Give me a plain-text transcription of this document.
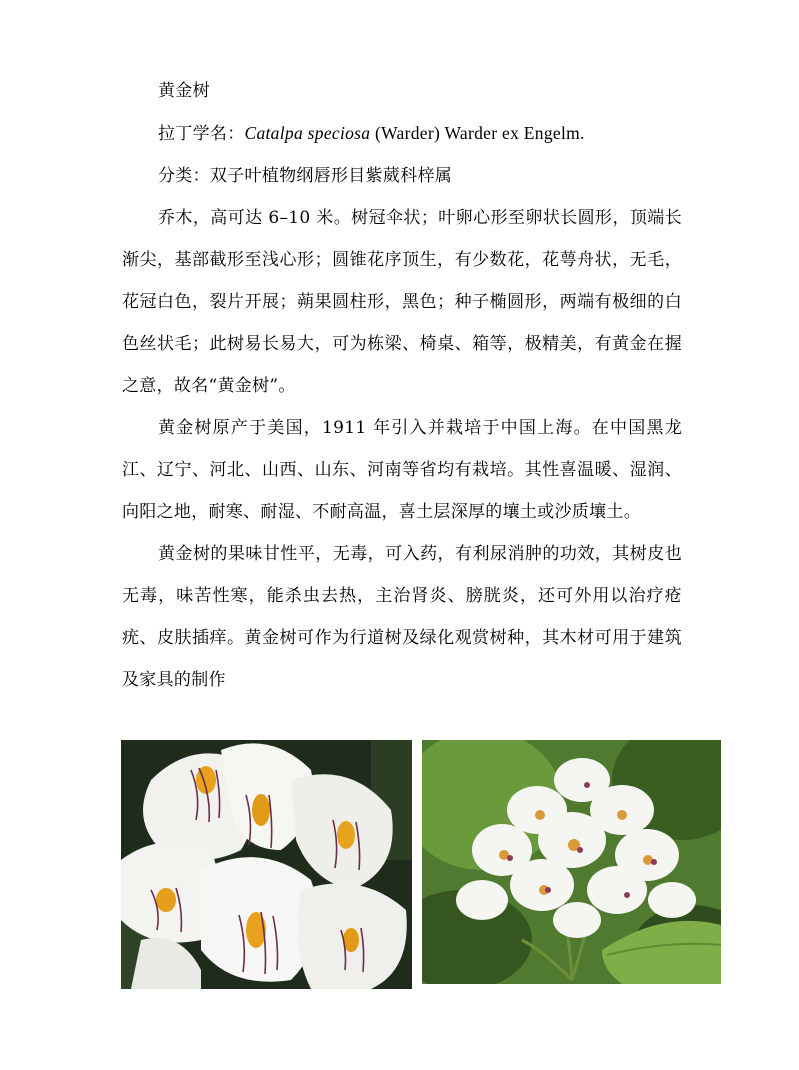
黄金树

拉丁学名：Catalpa speciosa (Warder) Warder ex Engelm.

分类：双子叶植物纲唇形目紫葳科梓属

乔木，高可达 6–10 米。树冠伞状；叶卵心形至卵状长圆形，顶端长渐尖，基部截形至浅心形；圆锥花序顶生，有少数花，花萼舟状，无毛，花冠白色，裂片开展；蒴果圆柱形，黑色；种子椭圆形，两端有极细的白色丝状毛；此树易长易大，可为栋梁、椅桌、箱等，极精美，有黄金在握之意，故名“黄金树”。

黄金树原产于美国，1911 年引入并栽培于中国上海。在中国黑龙江、辽宁、河北、山西、山东、河南等省均有栽培。其性喜温暖、湿润、向阳之地，耐寒、耐湿、不耐高温，喜土层深厚的壤土或沙质壤土。

黄金树的果味甘性平，无毒，可入药，有利尿消肿的功效，其树皮也无毒，味苦性寒，能杀虫去热，主治肾炎、膀胱炎，还可外用以治疗疮疣、皮肤插痒。黄金树可作为行道树及绿化观赏树种，其木材可用于建筑及家具的制作
